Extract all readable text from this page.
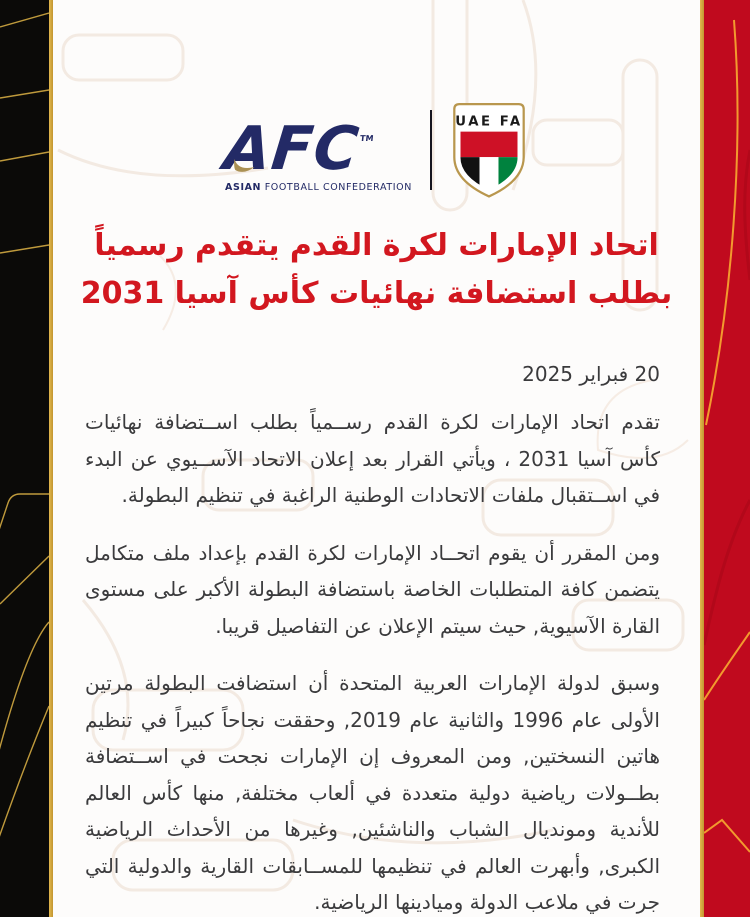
AFC™
ASIAN FOOTBALL CONFEDERATION
UAE FA
اتحاد الإمارات لكرة القدم يتقدم رسمياً
بطلب استضافة نهائيات كأس آسيا 2031
20 فبراير 2025

تقدم اتحاد الإمارات لكرة القدم رســمياً بطلب اســتضافة نهائيات كأس آسيا 2031 ، ويأتي القرار بعد إعلان الاتحاد الآســيوي عن البدء في اســتقبال ملفات الاتحادات الوطنية الراغبة في تنظيم البطولة.

ومن المقرر أن يقوم اتحــاد الإمارات لكرة القدم بإعداد ملف متكامل يتضمن كافة المتطلبات الخاصة باستضافة البطولة الأكبر على مستوى القارة الآسيوية, حيث سيتم الإعلان عن التفاصيل قريبا.

وسبق لدولة الإمارات العربية المتحدة أن استضافت البطولة مرتين الأولى عام 1996 والثانية عام 2019, وحققت نجاحاً كبيراً في تنظيم هاتين النسختين, ومن المعروف إن الإمارات نجحت في اســتضافة بطــولات رياضية دولية متعددة في ألعاب مختلفة, منها كأس العالم للأندية ومونديال الشباب والناشئين, وغيرها من الأحداث الرياضية الكبرى, وأبهرت العالم في تنظيمها للمســابقات القارية والدولية التي جرت في ملاعب الدولة وميادينها الرياضية.
